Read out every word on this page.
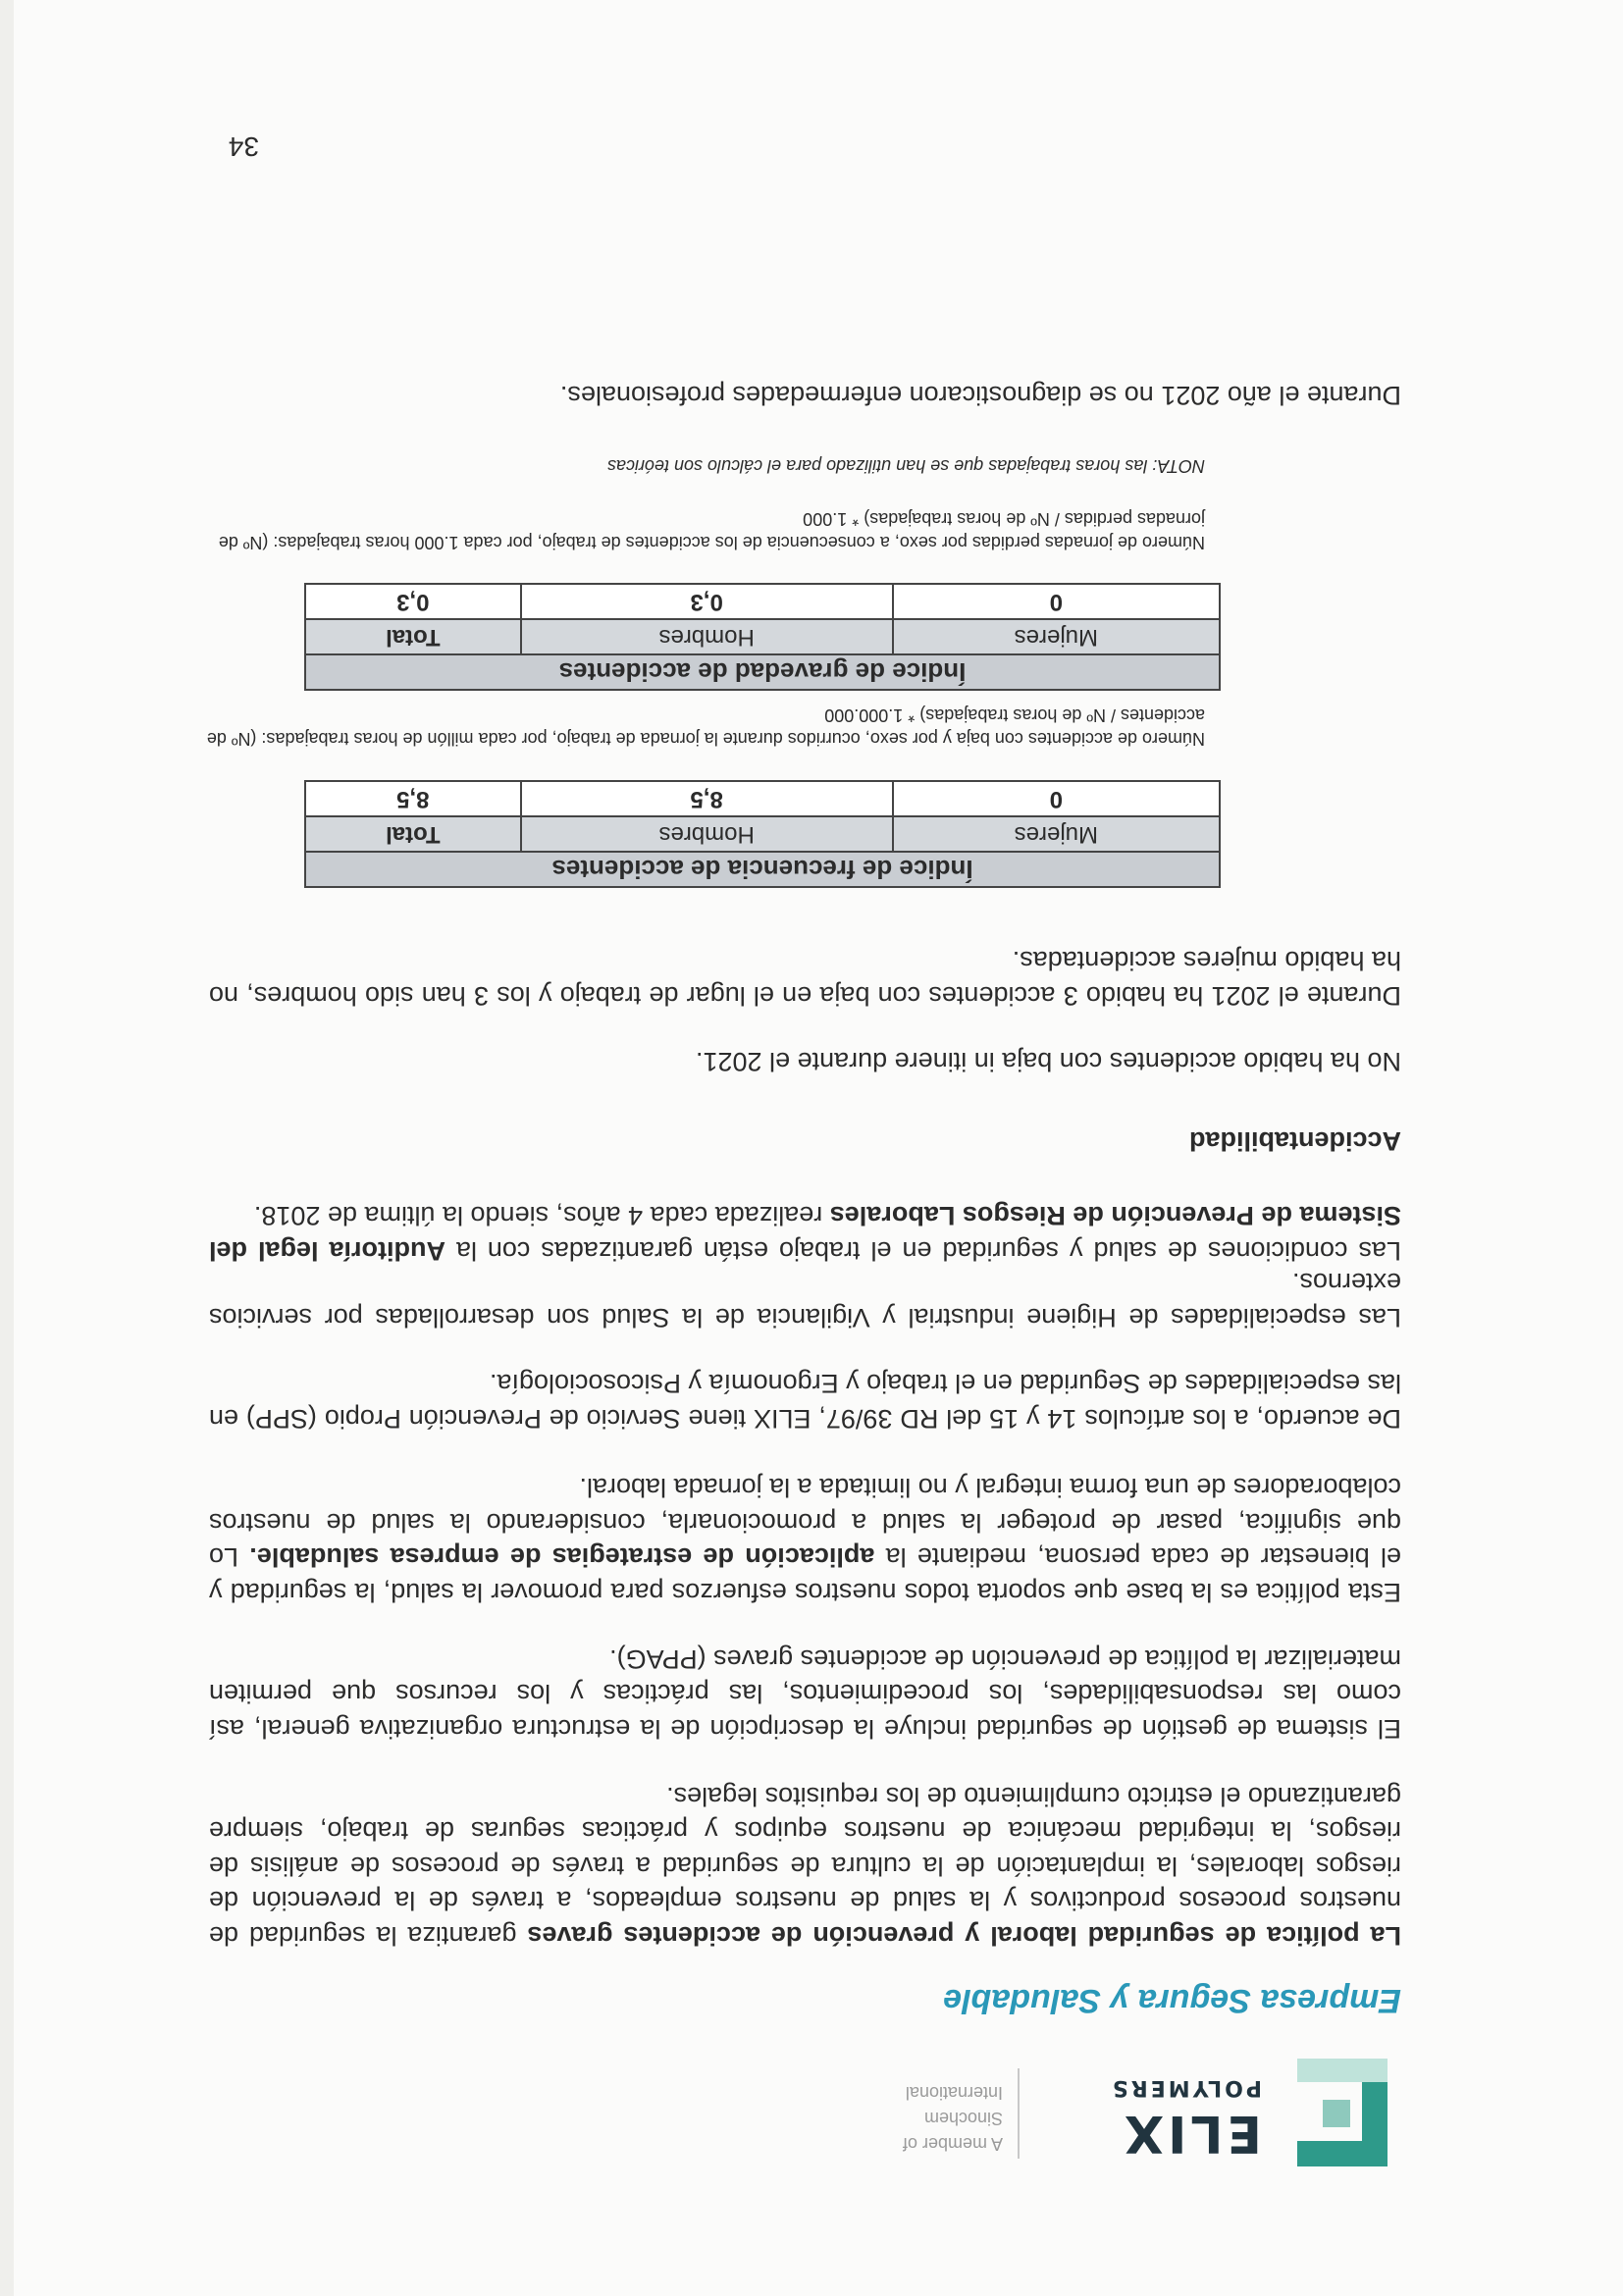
ELIX
POLYMERS
A member of
Sinochem
International
Empresa Segura y Saludable

La política de seguridad laboral y prevención de accidentes graves garantiza la seguridad de nuestros procesos productivos y la salud de nuestros empleados, a través de la prevención de riesgos laborales, la implantación de la cultura de seguridad a través de procesos de análisis de riesgos, la integridad mecánica de nuestros equipos y prácticas seguras de trabajo, siempre garantizando el estricto cumplimiento de los requisitos legales.

El sistema de gestión de seguridad incluye la descripción de la estructura organizativa general, así como las responsabilidades, los procedimientos, las prácticas y los recursos que permiten materializar la política de prevención de accidentes graves (PPAG).

Esta política es la base que soporta todos nuestros esfuerzos para promover la salud, la seguridad y el bienestar de cada persona, mediante la aplicación de estrategias de empresa saludable. Lo que significa, pasar de proteger la salud a promocionarla, considerando la salud de nuestros colaboradores de una forma integral y no limitada a la jornada laboral.

De acuerdo, a los artículos 14 y 15 del RD 39/97, ELIX tiene Servicio de Prevención Propio (SPP) en las especialidades de Seguridad en el trabajo y Ergonomía y Psicosociología.

Las especialidades de Higiene industrial y Vigilancia de la Salud son desarrolladas por servicios externos.

Las condiciones de salud y seguridad en el trabajo están garantizadas con la Auditoría legal del Sistema de Prevención de Riesgos Laborales realizada cada 4 años, siendo la última de 2018.

Accidentabilidad

No ha habido accidentes con baja in itinere durante el 2021.

Durante el 2021 ha habido 3 accidentes con baja en el lugar de trabajo y los 3 han sido hombres, no ha habido mujeres accidentadas.

Índice de frecuencia de accidentes		
Mujeres	Hombres	Total
0	8,5	8,5

Número de accidentes con baja y por sexo, ocurridos durante la jornada de trabajo, por cada millón de horas trabajadas: (Nº de accidentes / Nº de horas trabajadas) * 1.000.000

Índice de gravedad de accidentes		
Mujeres	Hombres	Total
0	0,3	0,3

Número de jornadas perdidas por sexo, a consecuencia de los accidentes de trabajo, por cada 1.000 horas trabajadas: (Nº de jornadas perdidas / Nº de horas trabajadas) * 1.000

NOTA: las horas trabajadas que se han utilizado para el cálculo son teóricas

Durante el año 2021 no se diagnosticaron enfermedades profesionales.

34
